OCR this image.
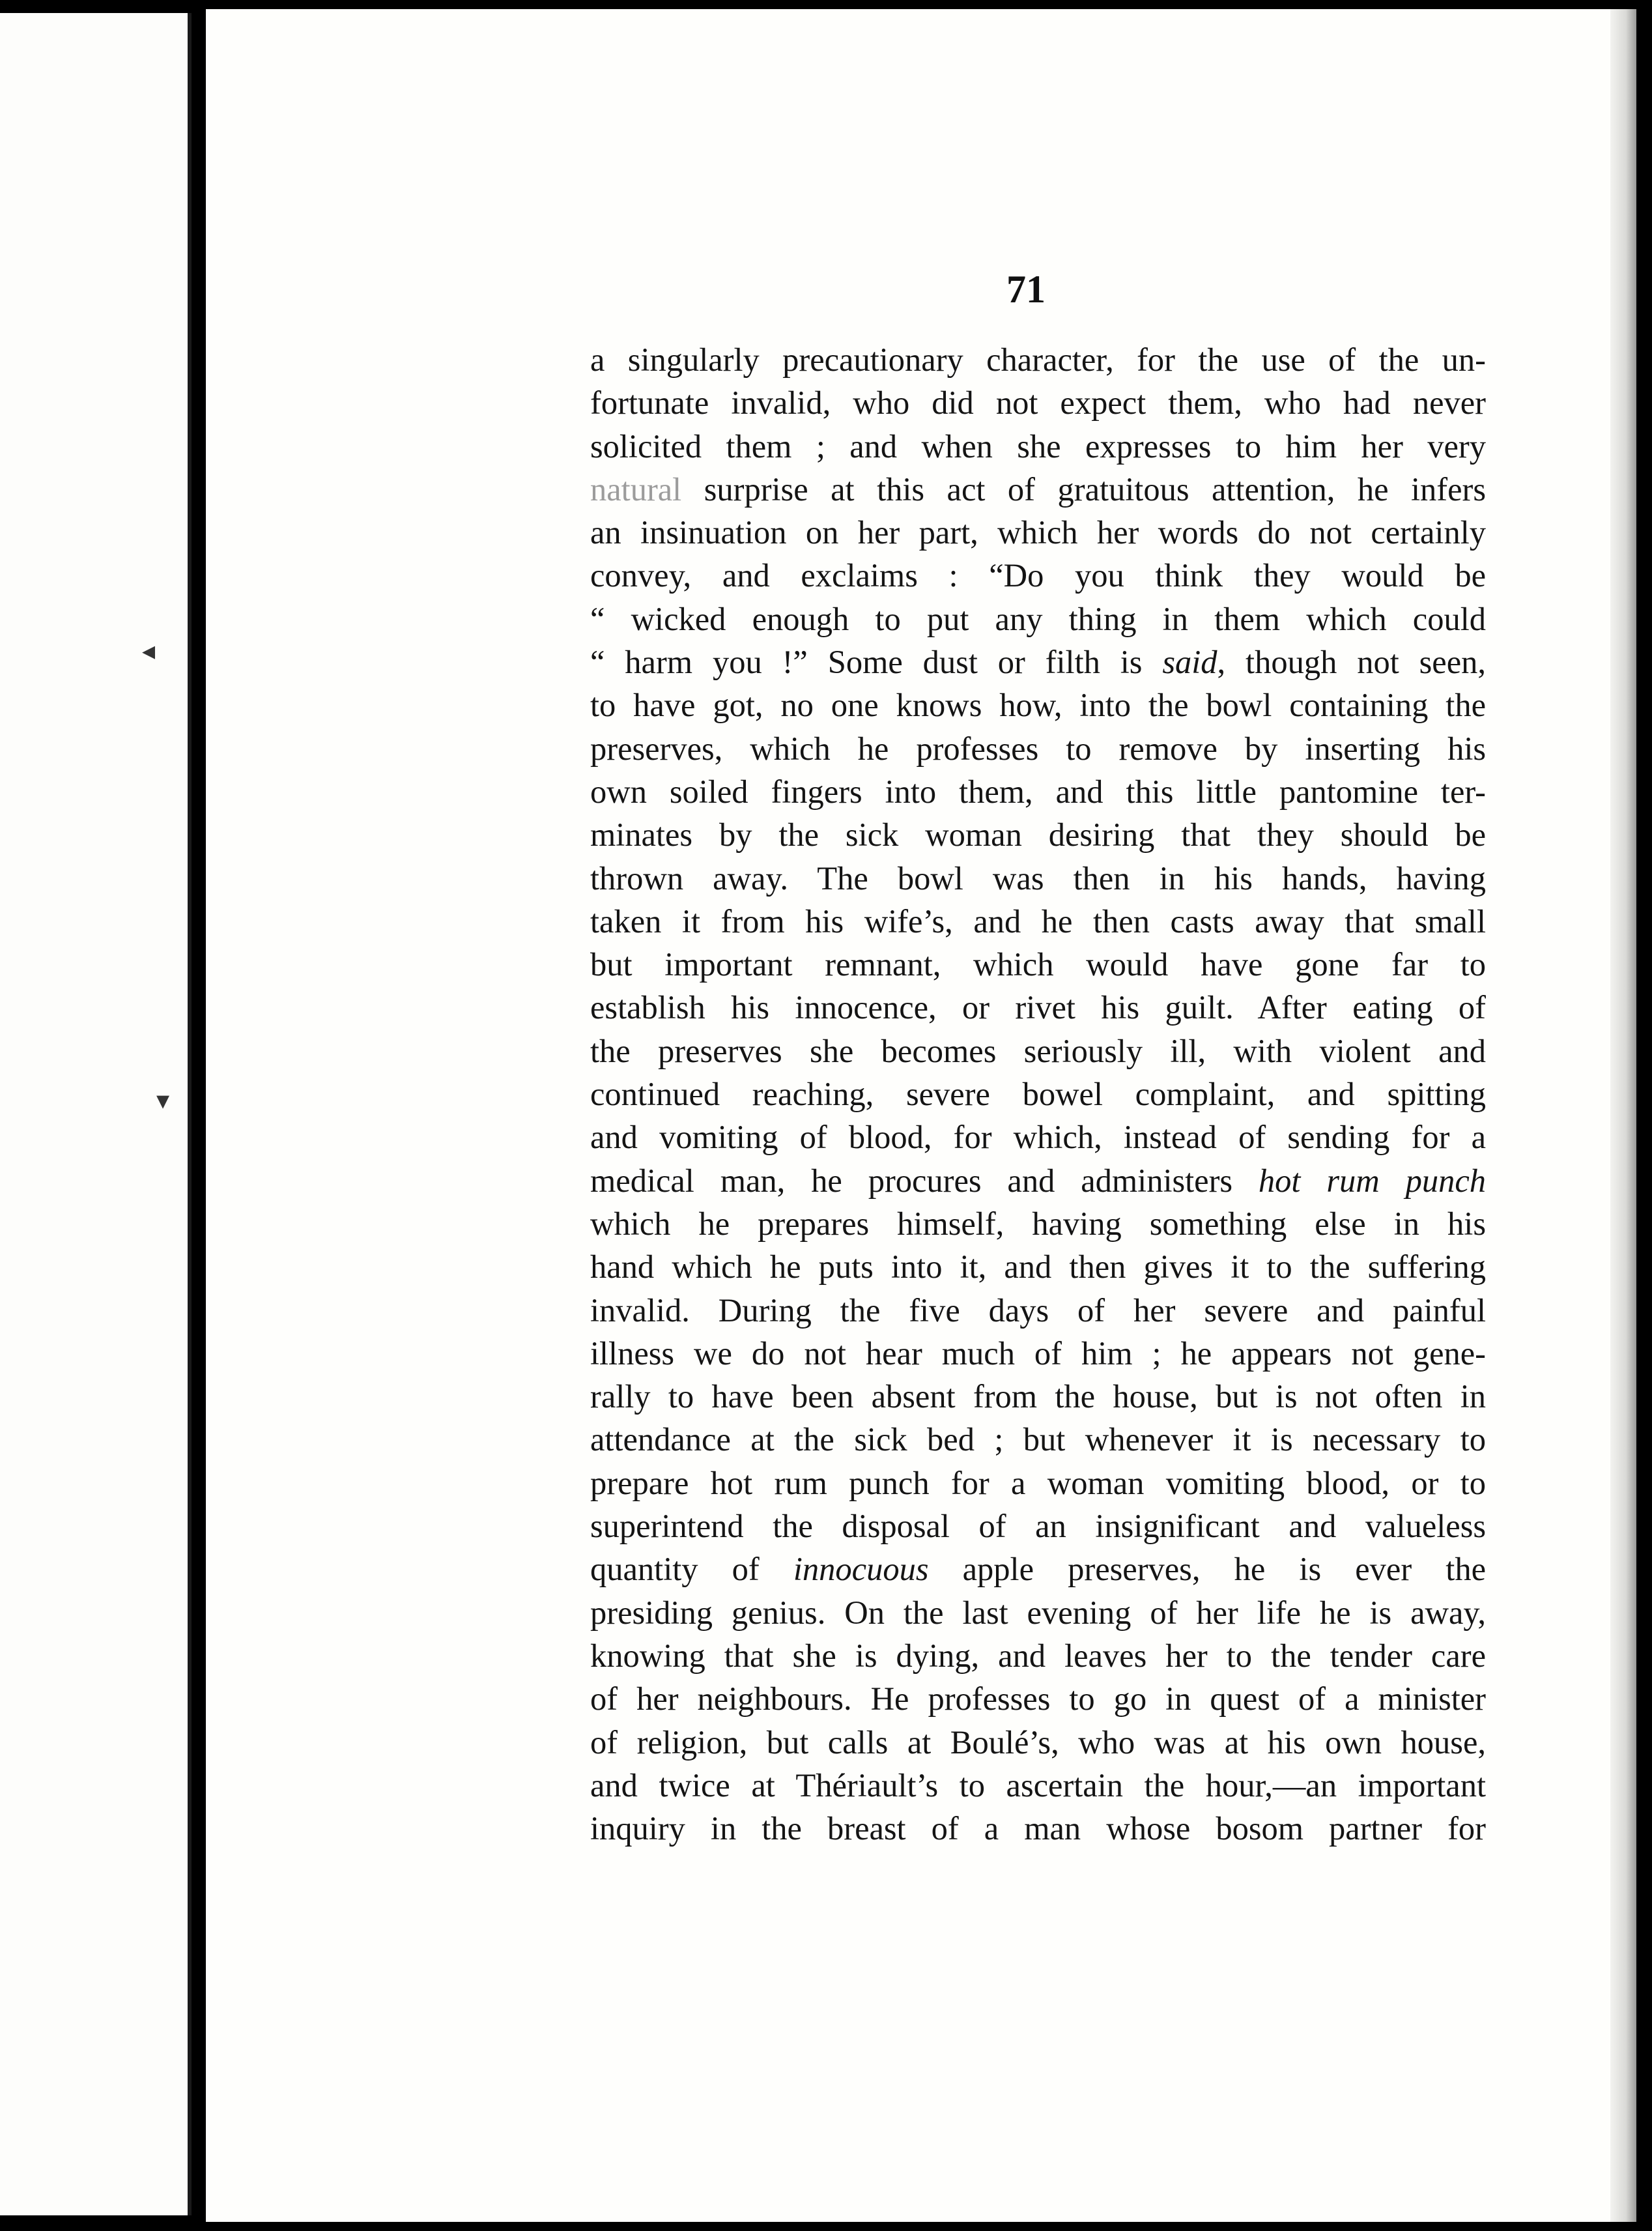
◂
▾
71
a singularly precautionary character, for the use of the un-
fortunate invalid, who did not expect them, who had never
solicited them ; and when she expresses to him her very
natural surprise at this act of gratuitous attention, he infers
an insinuation on her part, which her words do not certainly
convey, and exclaims : “Do you think they would be
“ wicked enough to put any thing in them which could
“ harm you !” Some dust or filth is said, though not seen,
to have got, no one knows how, into the bowl containing the
preserves, which he professes to remove by inserting his
own soiled fingers into them, and this little pantomine ter-
minates by the sick woman desiring that they should be
thrown away. The bowl was then in his hands, having
taken it from his wife’s, and he then casts away that small
but important remnant, which would have gone far to
establish his innocence, or rivet his guilt. After eating of
the preserves she becomes seriously ill, with violent and
continued reaching, severe bowel complaint, and spitting
and vomiting of blood, for which, instead of sending for a
medical man, he procures and administers hot rum punch
which he prepares himself, having something else in his
hand which he puts into it, and then gives it to the suffering
invalid. During the five days of her severe and painful
illness we do not hear much of him ; he appears not gene-
rally to have been absent from the house, but is not often in
attendance at the sick bed ; but whenever it is necessary to
prepare hot rum punch for a woman vomiting blood, or to
superintend the disposal of an insignificant and valueless
quantity of innocuous apple preserves, he is ever the
presiding genius. On the last evening of her life he is away,
knowing that she is dying, and leaves her to the tender care
of her neighbours. He professes to go in quest of a minister
of religion, but calls at Boulé’s, who was at his own house,
and twice at Thériault’s to ascertain the hour,—an important
inquiry in the breast of a man whose bosom partner for
